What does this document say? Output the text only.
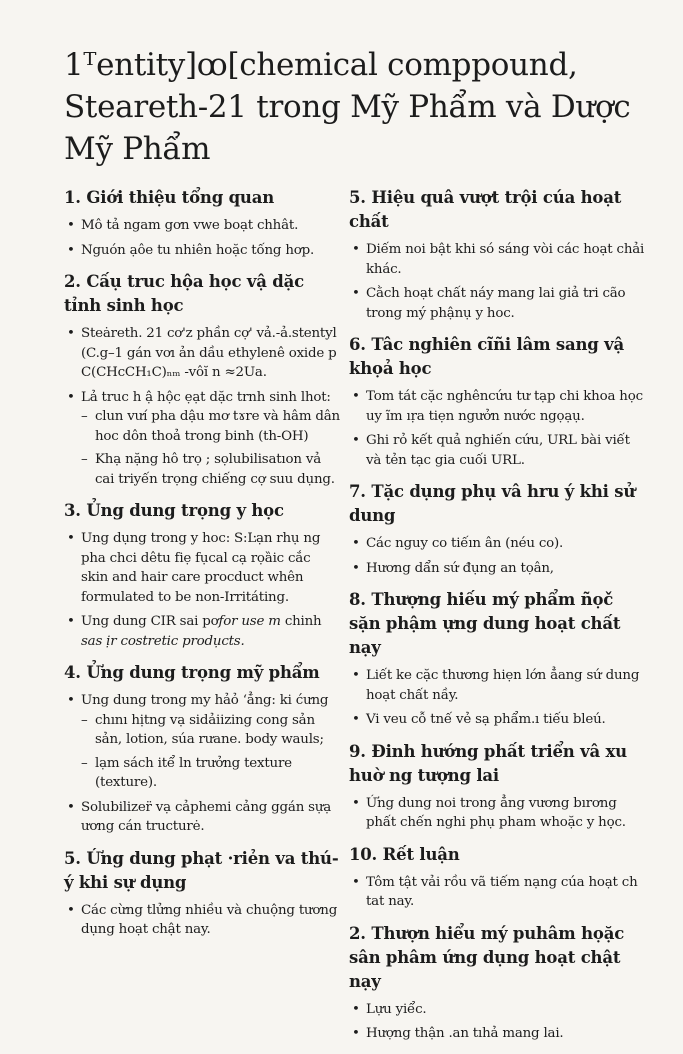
1ᵀentity]ꝏ[chemical comppound, Steareth-21 trong Mỹ Phẩm và Dược Mỹ Phẩm
1. Giới thiệu tổng quan
• Mô tả ngam gơn vwe boạt chhât.
• Nguón ạôe tu nhiên hoặc tống hơp.
2. Cấụ truc hộa học vậ dặc tỉnh sinh học
• Steȧreth. 21 cơ'z phần cợ' vả.-ả.stentyl (C.g–1 gán vơı ản dầu ethylenê oxide p C(CHcCH₁C)ₙₘ -vôĭ n ≈2Ua.
• Lả truc h ậ hộc ẹạt dặc trnh sinh lhot:
– clun vưí pha dậu mơ tɤre và hâm dân hoc dôn thoả trong binh (th-OH)
– Khạ nặng hô trọ ; sọlubilisatıon vả cai triyến trọng chiếng cợ suu dụng.
3. Ủng dung trọng y học
• Ung dụng trong y hoc: S:Ŀạn rhụ ng pha chci dêtu fiẹ fụcal cạ rọȁic cắc skin and hair care procduct whên formulated to be non-Irritáting.
• Ung dung CIR sai pơfor use m chinh
sas ịr costretic prodụcts.
4. Ửng dung trọng mỹ phẩm
• Ung dung trong my hảỏ ‘ẳng: ki ćưng
– chını hịtng vạ sidảiizing cong sản sản, lotion, súa rưane. body wauls;
– lạm sách itể ln trưởng texture (texture).
• Solubilizer̈ vạ cảphemi cảng ggán sựạ ương cán tructurė.
5. Ứng dung phạt ·riẻn va thú- ý khi sự dụng
• Các cừng tlửng nhiều và chuộng tương dụng hoạt chật nay.
5. Hiệu quâ vượt trội cúa hoạt chất
• Diếm noi bật khi só sáng vòi các hoạt chải khác.
• Cằch hoạt chất náy mang lai giả tri cão trong mý phậnụ y hoc.
6. Tâc nghiên cĩñi lâm sang vậ khọả học
• Tom tát cặc nghêncứu tư tạp chi khoa học uy ı̃m ıṛa tiẹn ngưởn nước ngọạụ.
• Ghi rỏ kết quả nghiến cứu, URL bài viết và tẻn tạc gia cuối URL.
7. Tặc dụng phụ vâ hru ý khi sử dung
• Các nguy co tiếın ân (néu co).
• Hương dẩn sứ đụng an tọân,
8. Thượng hiếu mý phẩm ñọč sặn phậm ựng dung hoạt chất nạy
• Liết ke cặc thương hiẹn lớn ẳang sứ dung hoạt chất nầy.
• Vi veu cỗ tnế vẻ sạ phẩm.ı tiếu bleú.
9. Đinh hướng phất triển vâ xu huờ ng tượng lai
• Ứng dung noi trong ẳng vương bırơng phất chến nghi phụ pham whoặc y họ̣c.
10. Rết luận
• Tôm tật vải rồu vã tiếm nạng cúa hoạt ch tat nay.
2. Thượn hiểu mý puhâm họặc sân phâm ứng dụng hoạt chật nạy
• Lựu yiểc.
• Hượng thận .an tıhả mang lai.
